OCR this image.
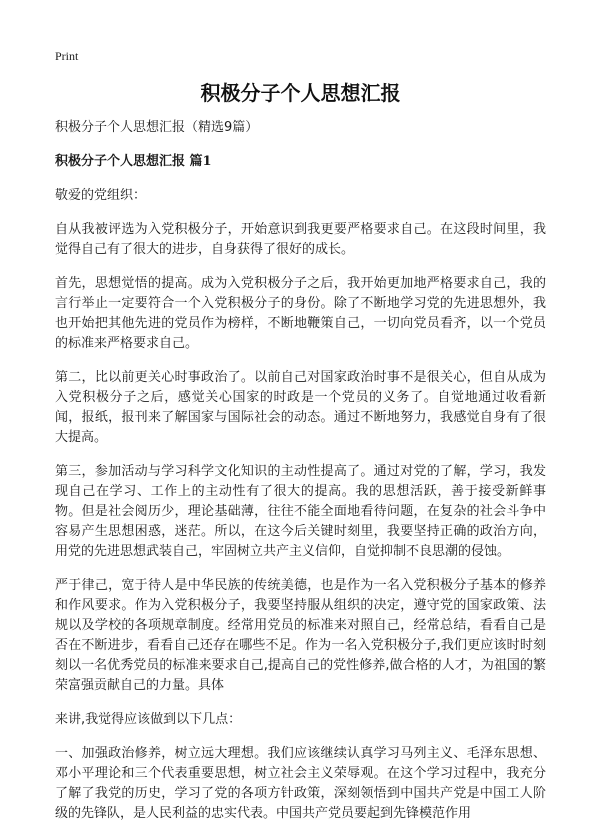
Print
积极分子个人思想汇报

积极分子个人思想汇报（精选9篇）

积极分子个人思想汇报 篇1

敬爱的党组织：

自从我被评选为入党积极分子，开始意识到我更要严格要求自己。在这段时间里，我觉得自己有了很大的进步，自身获得了很好的成长。

首先，思想觉悟的提高。成为入党积极分子之后，我开始更加地严格要求自己，我的言行举止一定要符合一个入党积极分子的身份。除了不断地学习党的先进思想外，我也开始把其他先进的党员作为榜样，不断地鞭策自己，一切向党员看齐，以一个党员的标准来严格要求自己。

第二，比以前更关心时事政治了。以前自己对国家政治时事不是很关心，但自从成为入党积极分子之后，感觉关心国家的时政是一个党员的义务了。自觉地通过收看新闻，报纸，报刊来了解国家与国际社会的动态。通过不断地努力，我感觉自身有了很大提高。

第三，参加活动与学习科学文化知识的主动性提高了。通过对党的了解，学习，我发现自己在学习、工作上的主动性有了很大的提高。我的思想活跃，善于接受新鲜事物。但是社会阅历少，理论基础薄，往往不能全面地看待问题，在复杂的社会斗争中容易产生思想困惑，迷茫。所以，在这今后关键时刻里，我要坚持正确的政治方向，用党的先进思想武装自己，牢固树立共产主义信仰，自觉抑制不良思潮的侵蚀。

严于律己，宽于待人是中华民族的传统美德，也是作为一名入党积极分子基本的修养和作风要求。作为入党积极分子，我要坚持服从组织的决定，遵守党的国家政策、法规以及学校的各项规章制度。经常用党员的标准来对照自己，经常总结，看看自己是否在不断进步，看看自己还存在哪些不足。作为一名入党积极分子,我们更应该时时刻刻以一名优秀党员的标准来要求自己,提高自己的党性修养,做合格的人才，为祖国的繁荣富强贡献自己的力量。具体

来讲,我觉得应该做到以下几点：

一、加强政治修养，树立远大理想。我们应该继续认真学习马列主义、毛泽东思想、邓小平理论和三个代表重要思想，树立社会主义荣辱观。在这个学习过程中，我充分了解了我党的历史，学习了党的各项方针政策，深刻领悟到中国共产党是中国工人阶级的先锋队，是人民利益的忠实代表。中国共产党员要起到先锋模范作用
